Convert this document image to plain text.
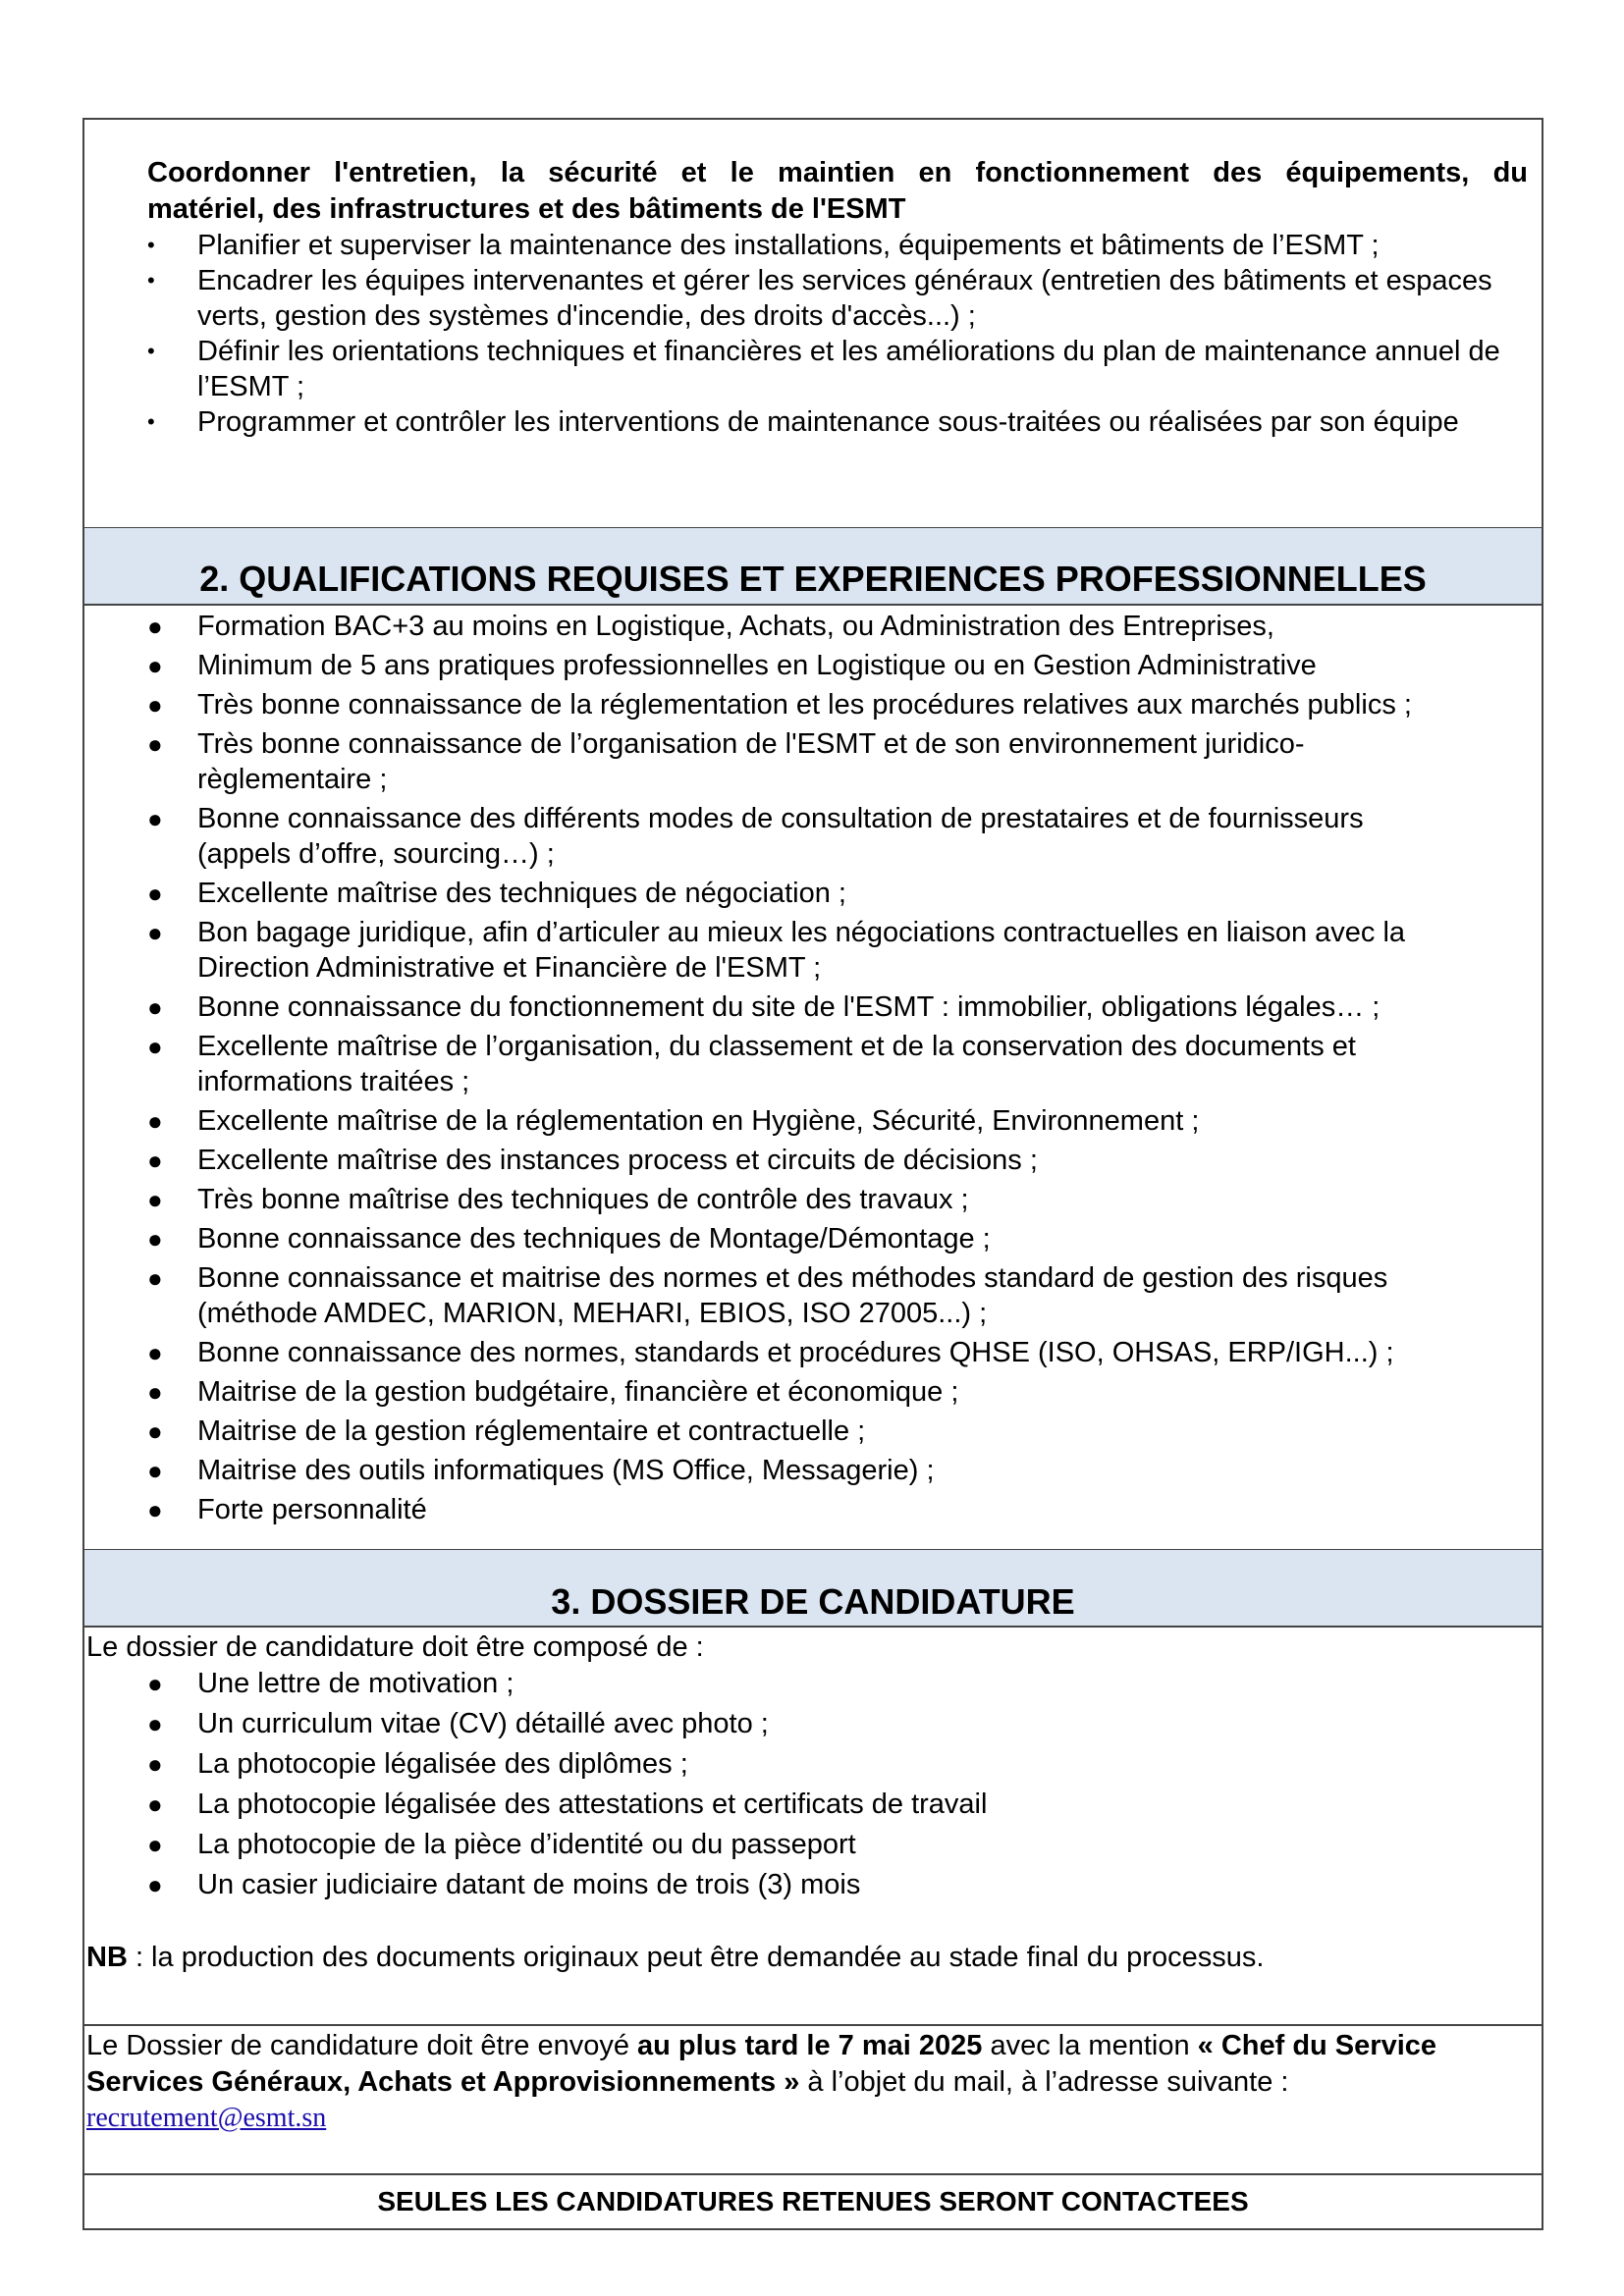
Coordonner l'entretien, la sécurité et le maintien en fonctionnement des équipements, du
matériel, des infrastructures et des bâtiments de l'ESMT
• Planifier et superviser la maintenance des installations, équipements et bâtiments de l’ESMT ;
• Encadrer les équipes intervenantes et gérer les services généraux (entretien des bâtiments et espaces verts, gestion des systèmes d'incendie, des droits d'accès...) ;
• Définir les orientations techniques et financières et les améliorations du plan de maintenance annuel de l’ESMT ;
• Programmer et contrôler les interventions de maintenance sous-traitées ou réalisées par son équipe
2. QUALIFICATIONS REQUISES ET EXPERIENCES PROFESSIONNELLES
● Formation BAC+3 au moins en Logistique, Achats, ou Administration des Entreprises,
● Minimum de 5 ans pratiques professionnelles en Logistique ou en Gestion Administrative
● Très bonne connaissance de la réglementation et les procédures relatives aux marchés publics ;
● Très bonne connaissance de l’organisation de l'ESMT et de son environnement juridico-règlementaire ;
● Bonne connaissance des différents modes de consultation de prestataires et de fournisseurs (appels d’offre, sourcing…) ;
● Excellente maîtrise des techniques de négociation ;
● Bon bagage juridique, afin d’articuler au mieux les négociations contractuelles en liaison avec la Direction Administrative et Financière de l'ESMT ;
● Bonne connaissance du fonctionnement du site de l'ESMT : immobilier, obligations légales… ;
● Excellente maîtrise de l’organisation, du classement et de la conservation des documents et informations traitées ;
● Excellente maîtrise de la réglementation en Hygiène, Sécurité, Environnement ;
● Excellente maîtrise des instances process et circuits de décisions ;
● Très bonne maîtrise des techniques de contrôle des travaux ;
● Bonne connaissance des techniques de Montage/Démontage ;
● Bonne connaissance et maitrise des normes et des méthodes standard de gestion des risques (méthode AMDEC, MARION, MEHARI, EBIOS, ISO 27005...) ;
● Bonne connaissance des normes, standards et procédures QHSE (ISO, OHSAS, ERP/IGH...) ;
● Maitrise de la gestion budgétaire, financière et économique ;
● Maitrise de la gestion réglementaire et contractuelle ;
● Maitrise des outils informatiques (MS Office, Messagerie) ;
● Forte personnalité
3. DOSSIER DE CANDIDATURE
Le dossier de candidature doit être composé de :
● Une lettre de motivation ;
● Un curriculum vitae (CV) détaillé avec photo ;
● La photocopie légalisée des diplômes ;
● La photocopie légalisée des attestations et certificats de travail
● La photocopie de la pièce d’identité ou du passeport
● Un casier judiciaire datant de moins de trois (3) mois
NB : la production des documents originaux peut être demandée au stade final du processus.
Le Dossier de candidature doit être envoyé au plus tard le 7 mai 2025 avec la mention « Chef du Service Services Généraux, Achats et Approvisionnements » à l’objet du mail, à l’adresse suivante :
recrutement@esmt.sn
SEULES LES CANDIDATURES RETENUES SERONT CONTACTEES
